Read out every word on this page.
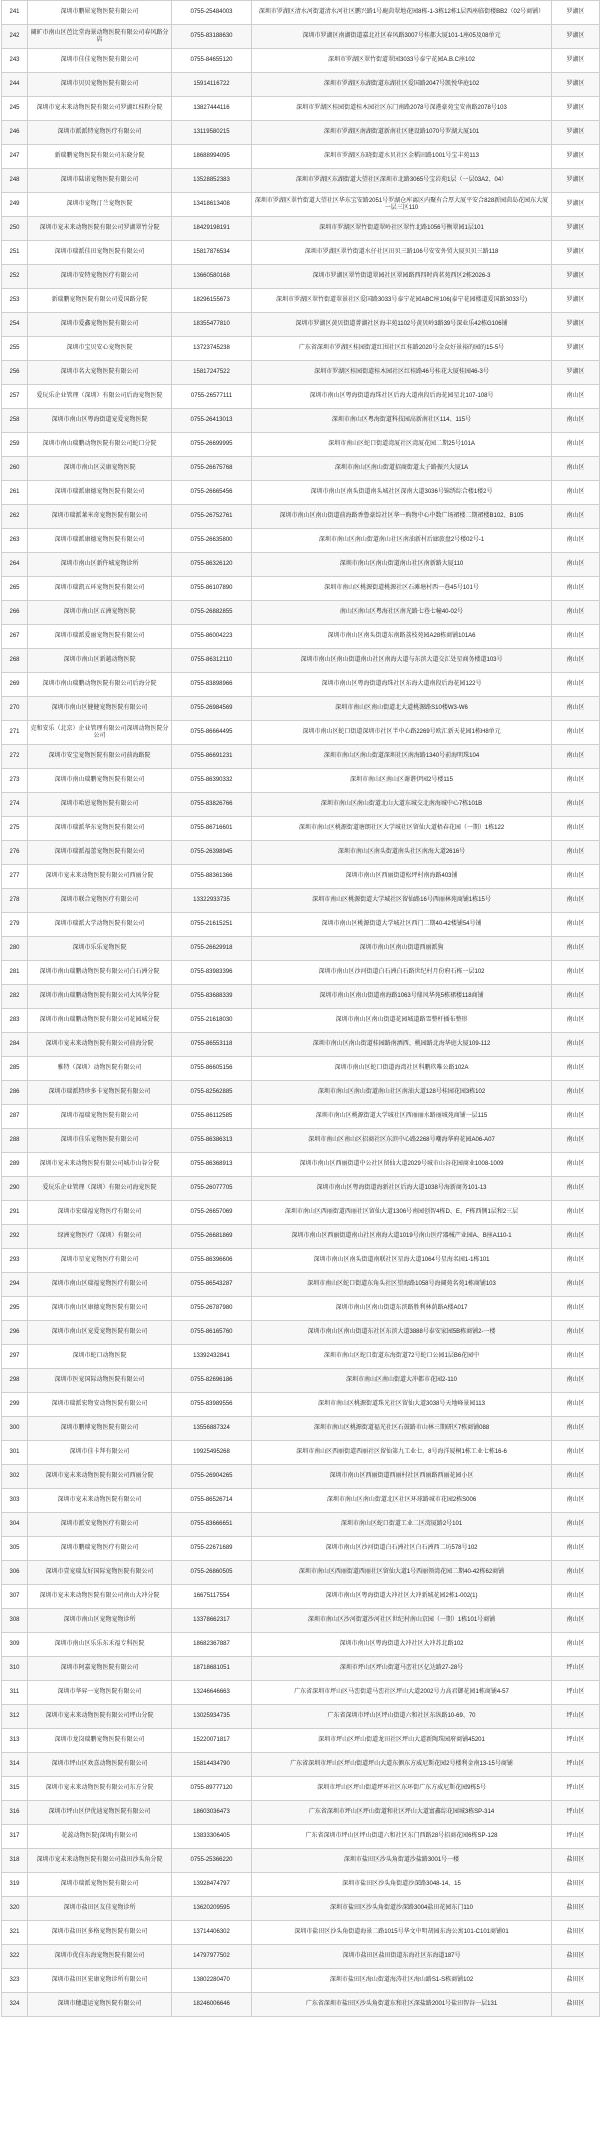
241	深圳市鹏犀宠物医院有限公司	0755-25484003	深圳市罗湖区清水河街道清水河社区鹏兴路1号鹿茵翠地花园8栋-1-3栋12栋1层西座临街楼BB2（02号商铺）	罗湖区
242	阔旷市南山区芭比堂海景动物医院有限公司春风路分店	0755-83188630	深圳市罗湖区南湖街道嘉北社区春风路3007号桂都大厦101-1座05及08单元	罗湖区
243	深圳市佳佳宠物医院有限公司	0755-84655120	深圳市罗湖区翠竹街道翠园3033号泰宁花园A.B.C座102	罗湖区
244	深圳市贝贝宠物医院有限公司	15914116722	深圳市罗湖区东湖街道东湖社区爱国路2047号凯悦华庭102	罗湖区
245	深圳市宠未来动物医院有限公司罗湖红桂粉分院	13827444116	深圳市罗湖区桂园街道桂木园社区东门南路2078号深港豪苑宝安南路2078号103	罗湖区
246	深圳市派派特宠物医疗有限公司	13119580215	深圳市罗湖区南湖街道新南社区建设路1070号罗湖大厦101	罗湖区
247	新瑞鹏宠物医院有限公司东晓分院	18688994095	深圳市罗湖区东晓街道水贝社区金稻田路1001号宝丰苑113	罗湖区
248	深圳市陆诺宠物医院有限公司	13528852383	深圳市罗湖区东湖街道大望社区深圳市北路3065号宝岩苑1层（一层03A2、04）	罗湖区
249	深圳市宠物汀兰宠物医院	13418613408	深圳市罗湖区翠竹街道大望社区华东宝安路2051号罗湖仓库离区内聚有合厚大厦平安合828新园茵岛花园东大厦一层三区110	罗湖区
250	深圳市宠未来动物医院有限公司罗湖翠竹分院	18429198191	深圳市罗湖区翠竹街道翠岭社区翠竹北路1056号衡翠园1层101	罗湖区
251	深圳市瑞派佳田宠物医院有限公司	15817876534	深圳市罗湖区翠竹街道水仔社区田贝三路106号安安外贸大厦贝贝三路118	罗湖区
252	深圳市安特宠物医疗有限公司	13660580168	深圳市罗湖区翠竹街道翠园社区翠园路西四时尚茗苑西区2栋2026-3	罗湖区
253	新瑞鹏宠物医院有限公司爱国路分院	18296155673	深圳市罗湖区翠竹街道翠景社区爱国路3033号泰宁花园ABC座106(泰宁花园楼道爱国路3033号)	罗湖区
254	深圳市爱鑫宠物医院有限公司	18355477810	深圳市罗湖区黄贝街道菁湖社区海丰苑1102号黄贝岭3路39号深业乐42栋G106铺	罗湖区
255	深圳市宝贝安心宠物医院	13723745238	广东省深圳市罗湖区桂园街道红围社区红桂路2020号金众好景裕的园的15-5号	罗湖区
256	深圳市名大宠物医院有限公司	15817247522	深圳市罗湖区桂园街道桂木园社区红桂路46号桂花大厦桂园46-3号	罗湖区
257	爱玩乐企业管理（深圳）有限公司后海宠物医院	0755-26577111	深圳市南山区粤海街道海珠社区后海大道南段后海花园星北107-108号	南山区
258	深圳市南山区粤海街道宠爱宠物医院	0755-26413013	深圳市南山区粤海街道科技园高新南社区114、115号	南山区
259	深圳市南山瑞鹏动物医院有限公司蛇口分院	0755-26699995	深圳市南山区蛇口街道湾厦社区湾厦花园二期25号101A	南山区
260	深圳市南山区灵康宠物医院	0755-26675768	深圳市南山区南山街道招商街道太子路振兴大厦1A	南山区
261	深圳市瑞派康德宠物医院有限公司	0755-26665456	深圳市南山区南头街道南头城社区深南大道3036号锦绣综合楼1楼2号	南山区
262	深圳市瑞派莱米奇宠物医院有限公司	0755-26752761	深圳市南山区南山街道前海路香鲁豪综社区华一购物中心中数广场裙楼二期裙楼B102、B105	南山区
263	深圳市瑞派康德宠物医院有限公司	0755-26635800	深圳市南山区南山街道南山社区南油新村后廊旅盘2号楼02号-1	南山区
264	深圳市南山区新仵城宠物诊所	0755-86326120	深圳市南山区南山街道南山社区南新路大厦110	南山区
265	深圳市瑞凯五环宠物医院有限公司	0755-86107890	深圳市南山区桃源街道桃源社区石滩塘村西一巷45号101号	南山区
266	深圳市南山区五洲宠物医院	0755-26882855	南山区南山区粤海社区南光路七巷七幢40-02号	南山区
267	深圳市瑞派爱丽宠物医院有限公司	0755-86004223	深圳市南山区南头街道东南路荔枝苑园A28栋商铺101A6	南山区
268	深圳市南山区新越动物医院	0755-86312110	深圳市南山区南山街道南山社区南海大道与东滨大道交汇处星商务楼道103号	南山区
269	深圳市南山瑞鹏动物医院有限公司后海分院	0755-83898966	深圳市南山区粤海街道海珠社区东海大道南段后海花园122号	南山区
270	深圳市南山区健健宠物医院有限公司	0755-26984569	深圳市南山区南山街道北大道桃源路S10楼W3-W6	南山区
271	克和安乐（北京）企业管理有限公司深圳动物医院分公司	0755-86664495	深圳市南山区蛇口街道深圳市社区半中心路2269号欧汇新天花园1栋H8单元	南山区
272	深圳市安宝宠物医院有限公司前海路院	0755-86691231	深圳市南山区南山街道深圳社区南海路1340号前海明珠104	南山区
273	深圳市南山瑞鹏宠物医院有限公司	0755-86390332	深圳市南山区南山区谢谐伊园2号楼115	南山区
274	深圳市哈恩宠物医院有限公司	0755-83826766	深圳市南山区南山街道北山大道东城交北南海城中心7栋101B	南山区
275	深圳市瑞派华东宠物医院有限公司	0755-86716601	深圳市南山区桃源街道塘朗社区大学城社区留仙大道梧春花园（一期）1栋122	南山区
276	深圳市瑞派福蕾宠物医院有限公司	0755-26398945	深圳市南山区南头街道南头社区南海大道2616号	南山区
277	深圳市宠未来动物医院有限公司西丽分院	0755-88361366	深圳市南山区西丽街道松坪村南海路403铺	南山区
278	深圳市联合宠物医疗有限公司	13322933735	深圳市南山区桃源街道大学城社区留仙路16号西丽林苑商铺1栋15号	南山区
279	深圳市瑞派大学动物医院有限公司	0755-21615251	深圳市南山区桃源街道大学城社区西门二期40-42楼铺54号铺	南山区
280	深圳市乐乐宠物医院	0755-26629918	深圳市南山区南山街道西丽派狗	南山区
281	深圳市南山瑞鹏动物医院有限公司白石洲分院	0755-83983396	深圳市南山区沙河街道白石洲白石路世纪村月份府石栋一层102	南山区
282	深圳市南山瑞鹏动物医院有限公司大风华分院	0755-83688339	深圳市南山区南山街道南海路1063号鼎风华苑5栋裙楼118商铺	南山区
283	深圳市南山瑞鹏动物医院有限公司花园城分院	0755-21618030	深圳市南山区南山街道花园城道路雪整杆插布整形	南山区
284	深圳市宠未来动物医院有限公司前海分院	0755-86553118	深圳市南山区南山街道桂园路南洒西、桃园路北海华庭大厦109-112	南山区
285	雅特（深圳）动物医院有限公司	0755-86605156	深圳市南山区蛇口街道海湾社区科鹏玖唯公路102A	南山区
286	深圳市瑞派特珍多卡宠物医院有限公司	0755-82562885	深圳市南山区南山街道南山社区南油大道128号桂园花园3栋102	南山区
287	深圳市福瑞宠物医院有限公司	0755-86112585	深圳市南山区桃源街道大学城社区西丽丽水路丽城苑商铺一层115	南山区
288	深圳市佳乐宠物医院有限公司	0755-86386313	深圳市南山区南山区招商社区东滨中心路2268号嘲海华府花园A06-A07	南山区
289	深圳市宠未来动物医院有限公司城市山谷分院	0755-86368913	深圳市南山区西丽街道中公社区留仙大道2029号城市山谷花园商业1008-1009	南山区
290	爱玩乐企业管理（深圳）有限公司海宠医院	0755-26077705	深圳市南山区粤海街道海新社区后海大道1038号海新商务101-13	南山区
291	深圳市宏瑞福宠物医疗有限公司	0755-26657069	深圳市南山区西丽街道西丽社区留仙大道1306号南园创智4栋D、E、F栋西侧1层和2三层	南山区
292	绿洲宠物医疗（深圳）有限公司	0755-26681869	深圳市南山区西丽街道南山社区南海大道1019号南山医疗器械产业园A、B座A110-1	南山区
293	深圳市星宠宠物医疗有限公司	0755-86396606	深圳市南山区南头街道南联社区星海大道1064号星海名园1-1栋101	南山区
294	深圳市南山区瑞福宠物医疗有限公司	0755-86543287	深圳市南山区蛇口街道东角头社区望海路1058号海阔苑名苑1栋商铺103	南山区
295	深圳市南山区康德宠物医院有限公司	0755-26787980	深圳市南山区南山街道东滨路胜利林荫路A楼A017	南山区
296	深圳市南山区宠爱宠物医院有限公司	0755-86165760	深圳市南山区南山街道东社区东滨大道3888号泰安家园5B栋商铺2-一楼	南山区
297	深圳市蛇口动物医院	13392432841	深圳市南山区蛇口街道东海街道72号蛇口公园1层B6花园中	南山区
298	深圳市医宠国际动物医院有限公司	0755-82696186	深圳市南山区南山街道大冲都市花园2-110	南山区
299	深圳市瑞派宏物安动物医院有限公司	0755-83989556	深圳市南山区桃源街道珠光社区留仙大道3038号天地峰景园113	南山区
300	深圳市鹏博宠物医院有限公司	13556887324	深圳市南山区桃源街道福光社区石鼓路市山林三期研区7栋商铺088	南山区
301	深圳市佳卡拜有限公司	19925495268	深圳市南山区西丽街道西丽社区留仙第九工业七、8号海洋厦桐1栋工业七栋16-6	南山区
302	深圳市宠未来动物医院有限公司西丽分院	0755-26904265	深圳市南山区西丽街道西丽村社区西丽路西丽花园小区	南山区
303	深圳市宠未来动物医院有限公司	0755-86526714	深圳市南山区南山街道北区社区环球路城市花园2栋S006	南山区
304	深圳市派安宠物医疗有限公司	0755-83666651	深圳市南山区蛇口街道工业二区湾厦路2号101	南山区
305	深圳市鹏瑞宠物医疗有限公司	0755-22671689	深圳市南山区沙河街道白石洲社区白石洲西二坊578号102	南山区
306	深圳市壹宠瑞友好国际宠物医院有限公司	0755-26860505	深圳市南山区西丽街道西丽社区留仙大道1号西丽领湾花园二期40-42栋62商铺	南山区
307	深圳市宠未来动物医院有限公司南山大冲分院	16675117554	深圳市南山区粤海街道大冲社区大冲新城花园2栋1-002(1)	南山区
308	深圳市南山区宠物宠物诊所	13378662317	深圳市南山区沙河街道沙河社区世纪村南山京园（一期）1栋101号商铺	南山区
309	深圳市南山区乐乐东禾福专科医院	18682367887	深圳市南山区粤海街道大冲社区大冲苏北路102	南山区
310	深圳市阿嘉宠物医院有限公司	18718681051	深圳市坪山区坪山街道马峦社区亿达路27-28号	坪山区
311	深圳市华昇一宠物医院有限公司	13246646663	广东省深圳市坪山区马峦街道马峦社区坪山大道2002号力高君御花园1栋商铺4-57	坪山区
312	深圳市宠未来动物医院有限公司坪山分院	13025934735	广东省深圳市坪山区坪山街道六和社区东纵路10-69、70	坪山区
313	深圳市龙岗瑞鹏宠物医院有限公司	15220071817	深圳市坪山区坪山街道龙田社区坪山大道新陶珠园府商铺45201	坪山区
314	深圳市坪山区欢喜动物医院有限公司	15814434790	广东省深圳市坪山区坪山街道坪山大道东侧东方威尼斯花园2号楼利金南13-15号商铺	坪山区
315	深圳市宠未来动物医院有限公司东方分院	0755-89777120	深圳市坪山区坪山街道坪环社区东环街广东方威尼斯花园9栋5号	坪山区
316	深圳市坪山区伊优迪宠物医院有限公司	18603036473	广东省深圳市坪山区坪山街道和社区坪山大道富鑫综花园城3栋SP-314	坪山区
317	花蕊动物医院(深圳)有限公司	13833306405	广东省深圳市坪山区坪山街道六和社区东门西路28号招商花园6栋SP-128	坪山区
318	深圳市宠未来动物医院有限公司盐田沙头角分院	0755-25366220	深圳市盐田区沙头角街道沙盐路3001号一楼	盐田区
319	深圳市瑞派宠物医院有限公司	13928474797	深圳市盐田区沙头角街道沙深路3048-14、15	盐田区
320	深圳市盐田区友佳宠物诊所	13620209595	深圳市盐田区沙头角街道沙深路3004盐田花园东门110	盐田区
321	深圳市盐田区多格宠物医院有限公司	13714406302	深圳市盐田区沙头角街道海景二路1015号华文中明胡园东海公寓101-C101商铺01	盐田区
322	深圳市优佳东海宠物医院有限公司	14797977502	深圳市盐田区盐田街道东海社区东海道187号	盐田区
323	深圳市盐田区宏康宠物诊所有限公司	13802280470	深圳市盐田区海山街道海涛社区海山路S1-S栋商铺102	盐田区
324	深圳市穗道运宠物医院有限公司	18246006646	广东省深圳市盐田区沙头角街道东和社区深盐路2001号盐田智谷一层131	盐田区
